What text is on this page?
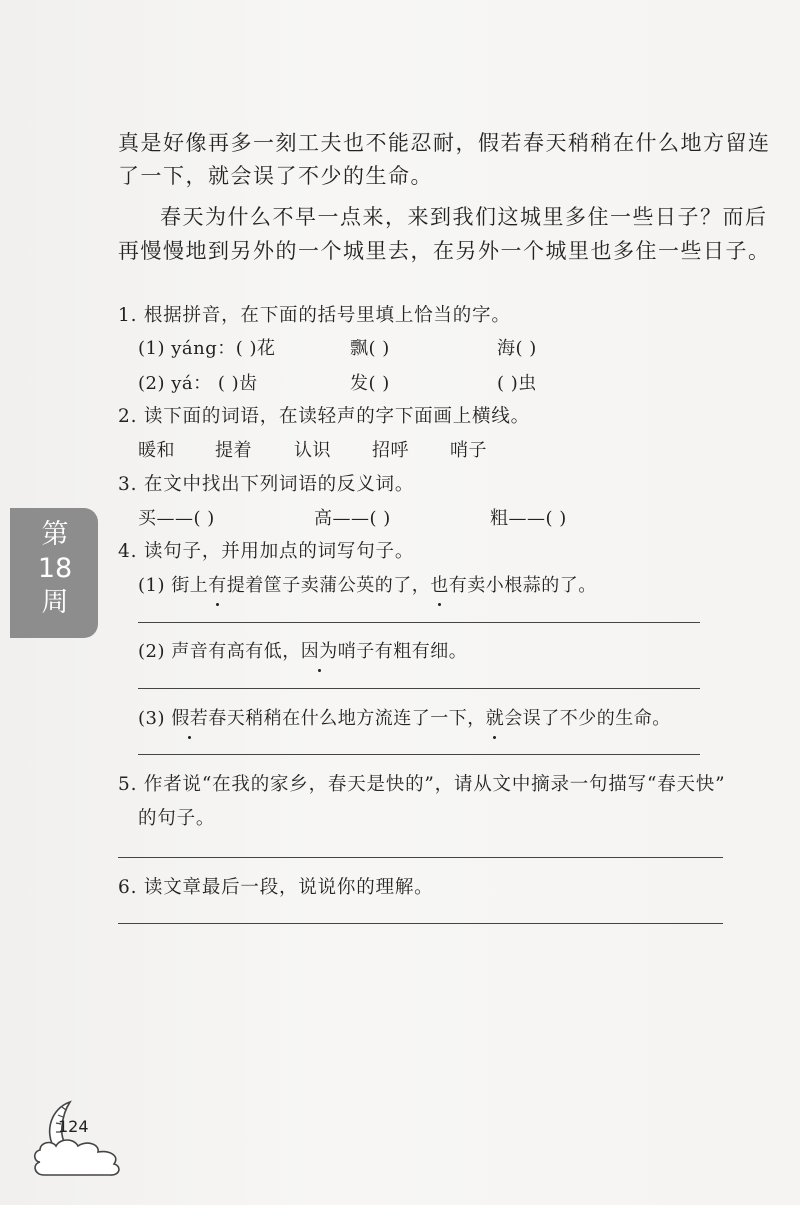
真是好像再多一刻工夫也不能忍耐，假若春天稍稍在什么地方留连
了一下，就会误了不少的生命。
春天为什么不早一点来，来到我们这城里多住一些日子？而后
再慢慢地到另外的一个城里去，在另外一个城里也多住一些日子。
1. 根据拼音，在下面的括号里填上恰当的字。
(1) yáng：( )花	飘( )	海( )
(2) yá： ( )齿	发( )	( )虫
2. 读下面的词语，在读轻声的字下面画上横线。
暖和 提着 认识 招呼 哨子
3. 在文中找出下列词语的反义词。
买——( )	高——( )	粗——( )
4. 读句子，并用加点的词写句子。
(1) 街上有提着筐子卖蒲公英的了，也有卖小根蒜的了。
(2) 声音有高有低，因为哨子有粗有细。
(3) 假若春天稍稍在什么地方流连了一下，就会误了不少的生命。
5. 作者说“在我的家乡，春天是快的”，请从文中摘录一句描写“春天快”
的句子。
6. 读文章最后一段，说说你的理解。
第
18
周
124
